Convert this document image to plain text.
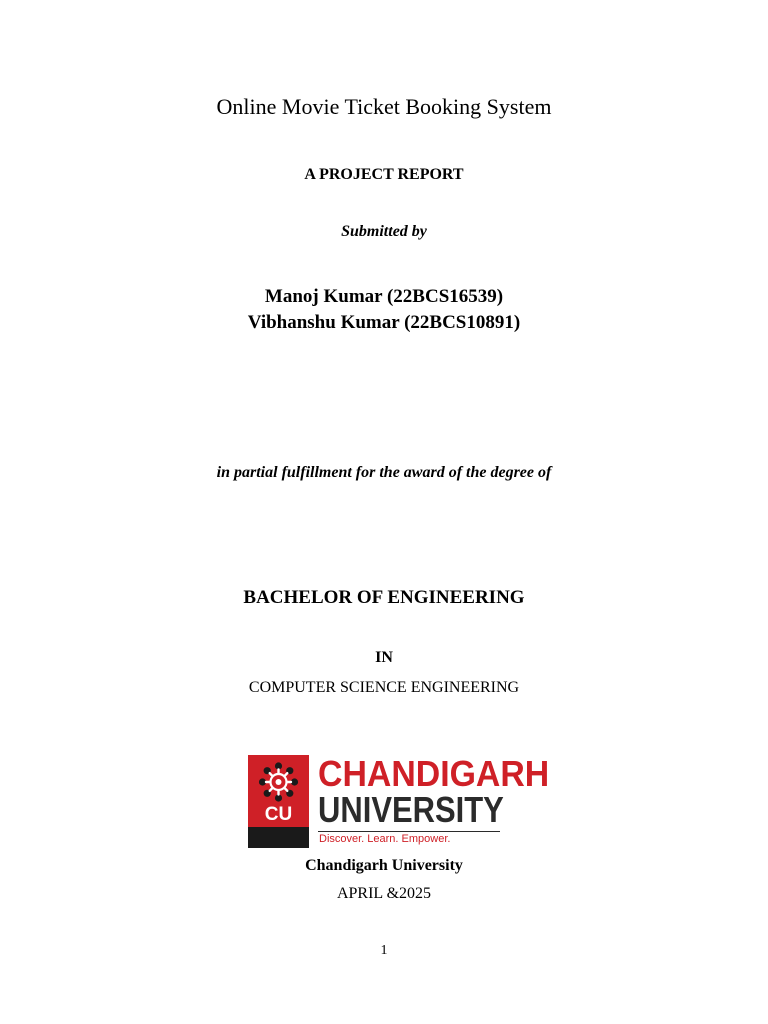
Online Movie Ticket Booking System
A PROJECT REPORT
Submitted by
Manoj Kumar (22BCS16539)
Vibhanshu Kumar (22BCS10891)
in partial fulfillment for the award of the degree of
BACHELOR OF ENGINEERING
IN
COMPUTER SCIENCE ENGINEERING
CU
CHANDIGARH
UNIVERSITY
CHANDIGARH
UNIVERSITY
Discover. Learn. Empower.
Chandigarh University
APRIL &2025
1
